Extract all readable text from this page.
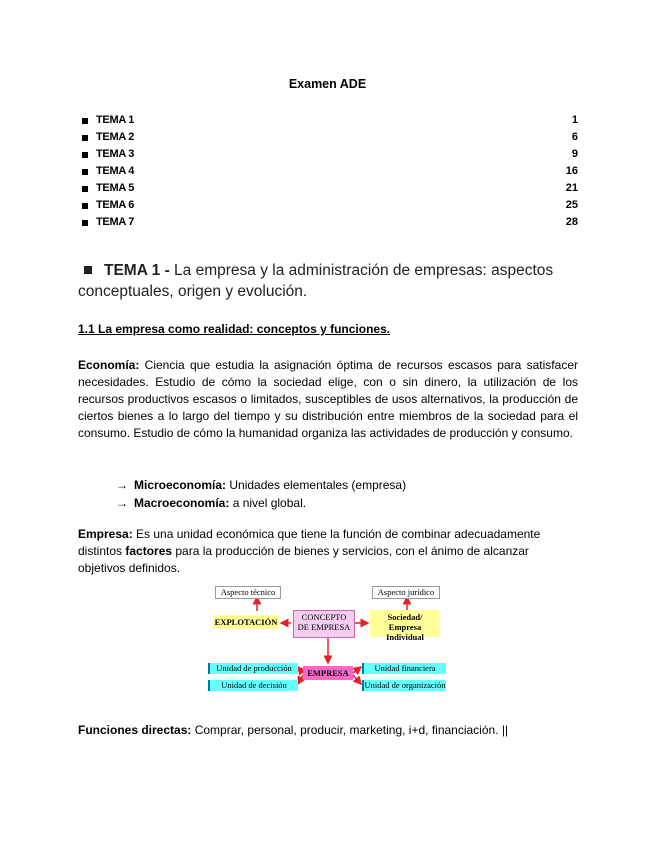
Examen ADE
TEMA 1	1
TEMA 2	6
TEMA 3	9
TEMA 4	16
TEMA 5	21
TEMA 6	25
TEMA 7	28
TEMA 1 - La empresa y la administración de empresas: aspectos conceptuales, origen y evolución.
1.1 La empresa como realidad: conceptos y funciones.
Economía: Ciencia que estudia la asignación óptima de recursos escasos para satisfacer necesidades. Estudio de cómo la sociedad elige, con o sin dinero, la utilización de los recursos productivos escasos o limitados, susceptibles de usos alternativos, la producción de ciertos bienes a lo largo del tiempo y su distribución entre miembros de la sociedad para el consumo. Estudio de cómo la humanidad organiza las actividades de producción y consumo.
→ Microeconomía: Unidades elementales (empresa)
→ Macroeconomía: a nivel global.
Empresa: Es una unidad económica que tiene la función de combinar adecuadamente distintos factores para la producción de bienes y servicios, con el ánimo de alcanzar objetivos definidos.
Aspecto técnico	Aspecto jurídico
EXPLOTACIÓN	CONCEPTO
DE EMPRESA
Sociedad/
Empresa Individual
EMPRESA
Unidad de producción
Unidad de decisión
Unidad financiera
Unidad de organización
Funciones directas: Comprar, personal, producir, marketing, i+d, financiación. ||
